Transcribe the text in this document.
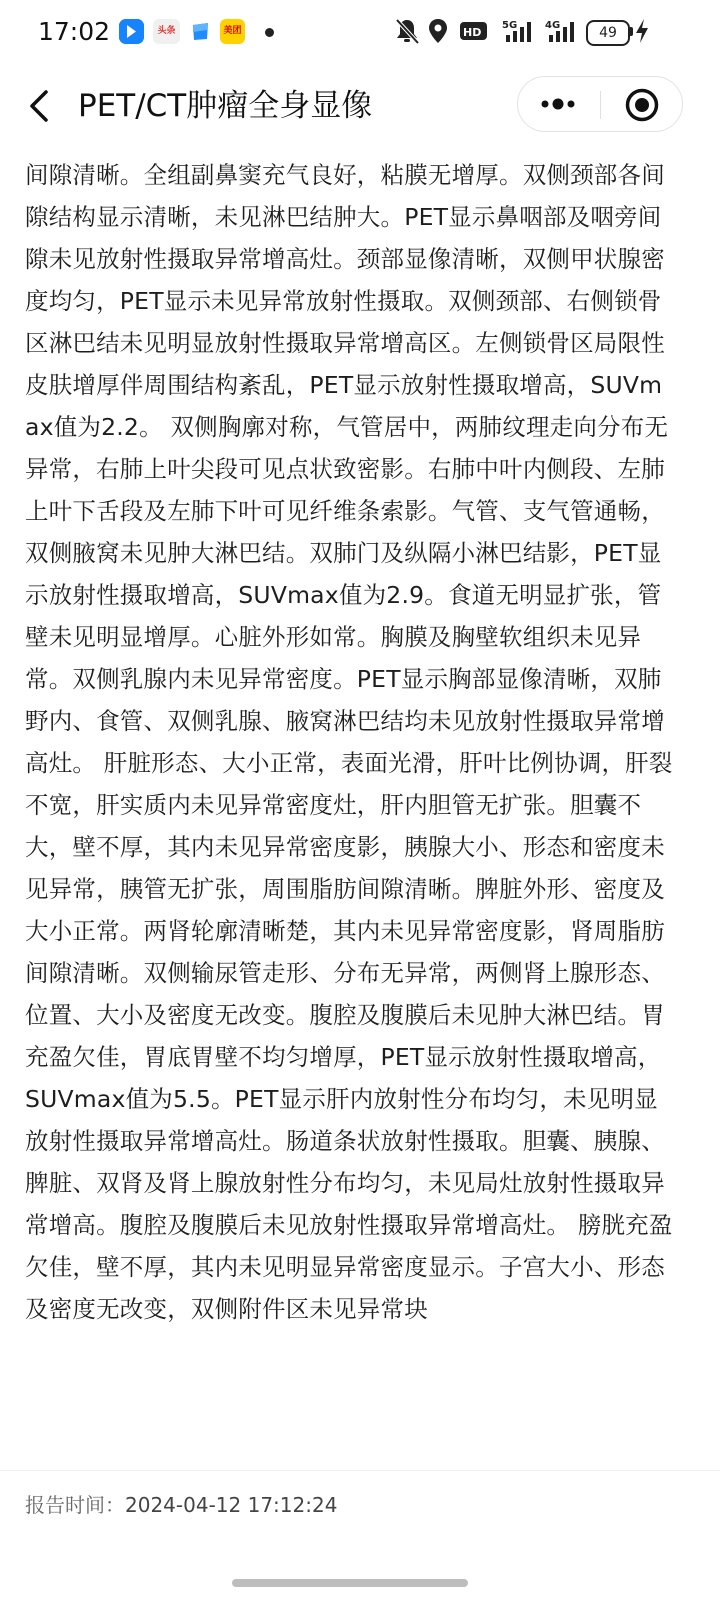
17:02	头条	美团	HD
5G	4G	49
PET/CT肿瘤全身显像

间隙清晰。全组副鼻窦充气良好，粘膜无增厚。双侧颈部各间隙结构显示清晰，未见淋巴结肿大。PET显示鼻咽部及咽旁间隙未见放射性摄取异常增高灶。颈部显像清晰，双侧甲状腺密度均匀，PET显示未见异常放射性摄取。双侧颈部、右侧锁骨区淋巴结未见明显放射性摄取异常增高区。左侧锁骨区局限性皮肤增厚伴周围结构紊乱，PET显示放射性摄取增高，SUVmax值为2.2。 双侧胸廓对称，气管居中，两肺纹理走向分布无异常，右肺上叶尖段可见点状致密影。右肺中叶内侧段、左肺上叶下舌段及左肺下叶可见纤维条索影。气管、支气管通畅，双侧腋窝未见肿大淋巴结。双肺门及纵隔小淋巴结影，PET显示放射性摄取增高，SUVmax值为2.9。食道无明显扩张，管壁未见明显增厚。心脏外形如常。胸膜及胸壁软组织未见异常。双侧乳腺内未见异常密度。PET显示胸部显像清晰，双肺野内、食管、双侧乳腺、腋窝淋巴结均未见放射性摄取异常增高灶。 肝脏形态、大小正常，表面光滑，肝叶比例协调，肝裂不宽，肝实质内未见异常密度灶，肝内胆管无扩张。胆囊不大，壁不厚，其内未见异常密度影，胰腺大小、形态和密度未见异常，胰管无扩张，周围脂肪间隙清晰。脾脏外形、密度及大小正常。两肾轮廓清晰楚，其内未见异常密度影，肾周脂肪间隙清晰。双侧输尿管走形、分布无异常，两侧肾上腺形态、位置、大小及密度无改变。腹腔及腹膜后未见肿大淋巴结。胃充盈欠佳，胃底胃壁不均匀增厚，PET显示放射性摄取增高，SUVmax值为5.5。PET显示肝内放射性分布均匀，未见明显放射性摄取异常增高灶。肠道条状放射性摄取。胆囊、胰腺、脾脏、双肾及肾上腺放射性分布均匀，未见局灶放射性摄取异常增高。腹腔及腹膜后未见放射性摄取异常增高灶。 膀胱充盈欠佳，壁不厚，其内未见明显异常密度显示。子宫大小、形态及密度无改变，双侧附件区未见异常块

报告时间：2024-04-12 17:12:24
